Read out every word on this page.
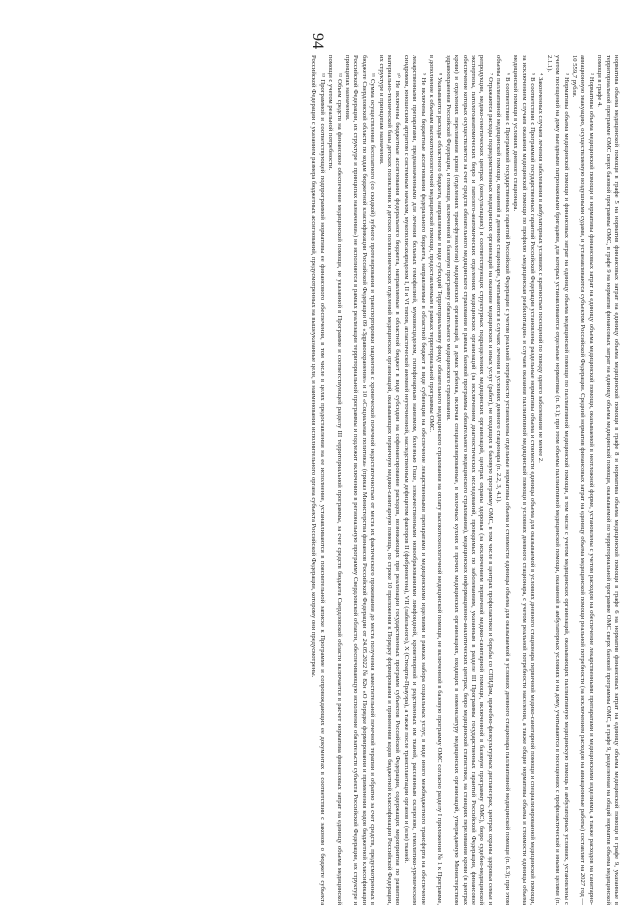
94

норматива объема медицинской помощи в графе 5 на норматив финансовых затрат на единицу объема медицинской помощи в графе 8 и норматива объема медицинской помощи в графе 6 на норматив финансовых затрат на единицу объема медицинской помощи в графе 9, указанные в территориальной программе ОМС сверх базовой программы ОМС, в графе 9 на норматив финансовых затрат на единицу объема медицинской помощи, оказываемой по территориальной программе ОМС сверх базовой программы ОМС, в графе 9, разделенная на общий норматив объема медицинской помощи в графе 4.

² Нормативы объема медицинской помощи и нормативы финансовых затрат на единицу объема медицинской помощи, оказываемой в неотложной форме, установлены с учетом расходов на обеспечение лекарственными препаратами и медицинскими изделиями, а также расходов на санитарно-авиационную эвакуацию, осуществляемую воздушными судами, и устанавливаются субъектом Российской Федерации. Средний норматив финансовых затрат на единицу объема медицинской помощи реальной потребности (за исключением расходов на авиационные работы) составляет на 2027 год — 10 559,7 рубля.

³ Нормативы объема медицинской помощи и финансовых затрат на единицу объема медицинской помощи по паллиативной медицинской помощи, в том числе с учетом медицинских организаций, оказывающих паллиативную медицинскую помощь в амбулаторных условиях, установлены с учетом посещений на дому выездными патронажными бригадами, для которых устанавливаются отдельные нормативы (п. 6.1); при этом объемы паллиативной медицинской помощи, оказанной в амбулаторных условиях и на дому, учитываются в посещениях с профилактической и иными целями (п. 2.1.1).

⁴ Законченных случаев лечения заболевания в амбулаторных условиях с кратностью посещений по поводу одного заболевания не менее 2.

⁵ В соответствии с Программой государственных гарантий Российской Федерации установлены раздельные нормативы объема и стоимости единицы объема для оказываемой в условиях дневного стационара первичной медико-санитарной помощи и специализированной медицинской помощи, за исключением случаев оказания медицинской помощи по профилю «медицинская реабилитация» и случаев оказания паллиативной медицинской помощи в условиях дневного стационара, с учетом реальной потребности населения, а также общие нормативы объема и стоимости единицы объема медицинской помощи в условиях дневного стационара.

⁶ В соответствии с Программой государственных гарантий Российской Федерации с учетом реальной потребности установлены отдельные нормативы объема и стоимости единицы объема для оказываемой в условиях дневного стационара паллиативной медицинской помощи (п. 6.3); при этом объемы паллиативной медицинской помощи, оказанной в дневном стационаре, учитываются в случаях лечения в условиях дневного стационара (п. 2.2, 3, 4.1).

⁷ Отражаются расходы подведомственных медицинских организаций на оказание медицинских и иных услуг (работ), не входящих в базовую программу ОМС, в том числе в центрах профилактики и борьбы со СПИДом, врачебно-физкультурных диспансерах, центрах охраны здоровья семьи и репродукции, медико-генетических центрах (консультациях) и соответствующих структурных подразделениях медицинских организаций, центрах охраны здоровья (за исключением первичной медико-санитарной помощи, включенной в базовую программу ОМС), бюро судебно-медицинской экспертизы, патологоанатомических бюро и патолого-анатомических отделениях медицинских организаций (за исключением диагностических исследований, проводимых по заболеваниям, указанным в разделе III Программы государственных гарантий Российской Федерации, финансовое обеспечение которых осуществляется за счет средств обязательного медицинского страхования в рамках базовой программы обязательного медицинского страхования), медицинских информационно-аналитических центрах, бюро медицинской статистики, на станциях переливания крови (в центрах крови) и отделениях переливания крови (отделениях трансфузиологии) медицинских организаций, в домах ребенка, включая специализированные, в молочных кухнях и прочих медицинских организациях, входящих в номенклатуру медицинских организаций, утверждаемую Министерством здравоохранения Российской Федерации, и помощи, включенной в базовую программу обязательного медицинского страхования.

⁸ Указываются расходы областного бюджета, направляемые в виде субсидий Территориальному фонду обязательного медицинского страхования на оплату высокотехнологичной медицинской помощи, не включенной в базовую программу ОМС согласно разделу I приложения № 1 к Программе, в дополнение к объемам высокотехнологичной медицинской помощи, предоставляемым в рамках территориальной программы ОМС.

⁹ Не включены бюджетные ассигнования федерального бюджета, направляемые в областной бюджет в виде субвенции на обеспечение лекарственными препаратами и медицинскими изделиями в рамках набора социальных услуг, в виде иного межбюджетного трансферта на обеспечение лекарственными препаратами, предназначенными для лечения больных гемофилией, муковисцидозом, гипофизарным нанизмом, болезнью Гоше, злокачественными новообразованиями лимфоидной, кроветворной и родственных им тканей, рассеянным склерозом, гемолитико-уремическим синдромом, юношеским артритом с системным началом, мукополисахаридозом I, II и VI типов, апластической анемией неуточненной, наследственным дефицитом факторов II (фибриногена), VII (лабильного), X (Стюарта-Прауэра), а также после трансплантации органов и (или) тканей.

¹⁰ Не включены бюджетные ассигнования федерального бюджета, направляемые в областной бюджет в виде субсидии на софинансирование расходов, возникающих при реализации государственных программ субъектов Российской Федерации, содержащих мероприятия по развитию материально-технической базы детских поликлиник и детских поликлинических отделений медицинских организаций, оказывающих первичную медико-санитарную помощь, по строке 10 приложения к Порядку формирования и применения кодов бюджетной классификации Российской Федерации, их структуре и принципам назначения.

¹¹ Сумма осуществления бесплатного (со скидкой) зубного протезирования и транспортировки пациентов с хронической почечной недостаточностью от места их фактического проживания до места получения заместительной почечной терапии и обратно за счет средств, предусмотренных в бюджете Свердловской области по кодам бюджетной классификации Российской Федерации 09 «Здравоохранение» и 10 «Социальная политика» (приказ Министерства финансов Российской Федерации от 24.05.2022 № 82н «О Порядке формирования и применения кодов бюджетной классификации Российской Федерации, их структуре и принципах назначения») не исполняется в рамках реализации территориальной программы и подлежит включению в региональную программу Свердловской области, обеспечивающую исполнение обязательств субъекта Российской Федерации, их структуре и принципах назначения.

¹² Объем средств на финансовое обеспечение медицинской помощи, не указанной в Программе и соответствующей разделу III территориальной программы, за счет средств бюджета Свердловской области включается в расчет норматива финансовых затрат на единицу объема медицинской помощи с учетом реальной потребности.

¹³ Программой и соответствующей подпрограммой нормативы ее финансового обеспечения, в том числе в целях предоставления на ее исполнение, устанавливаются в пояснительной записке к Программе и сопровождающих ее документах в соответствии с законом о бюджете субъекта Российской Федерации с указанием размера бюджетных ассигнований, предусмотренных на вышеуказанные цели, и наименования исполнительного органа субъекта Российской Федерации, которому они предусмотрены.
